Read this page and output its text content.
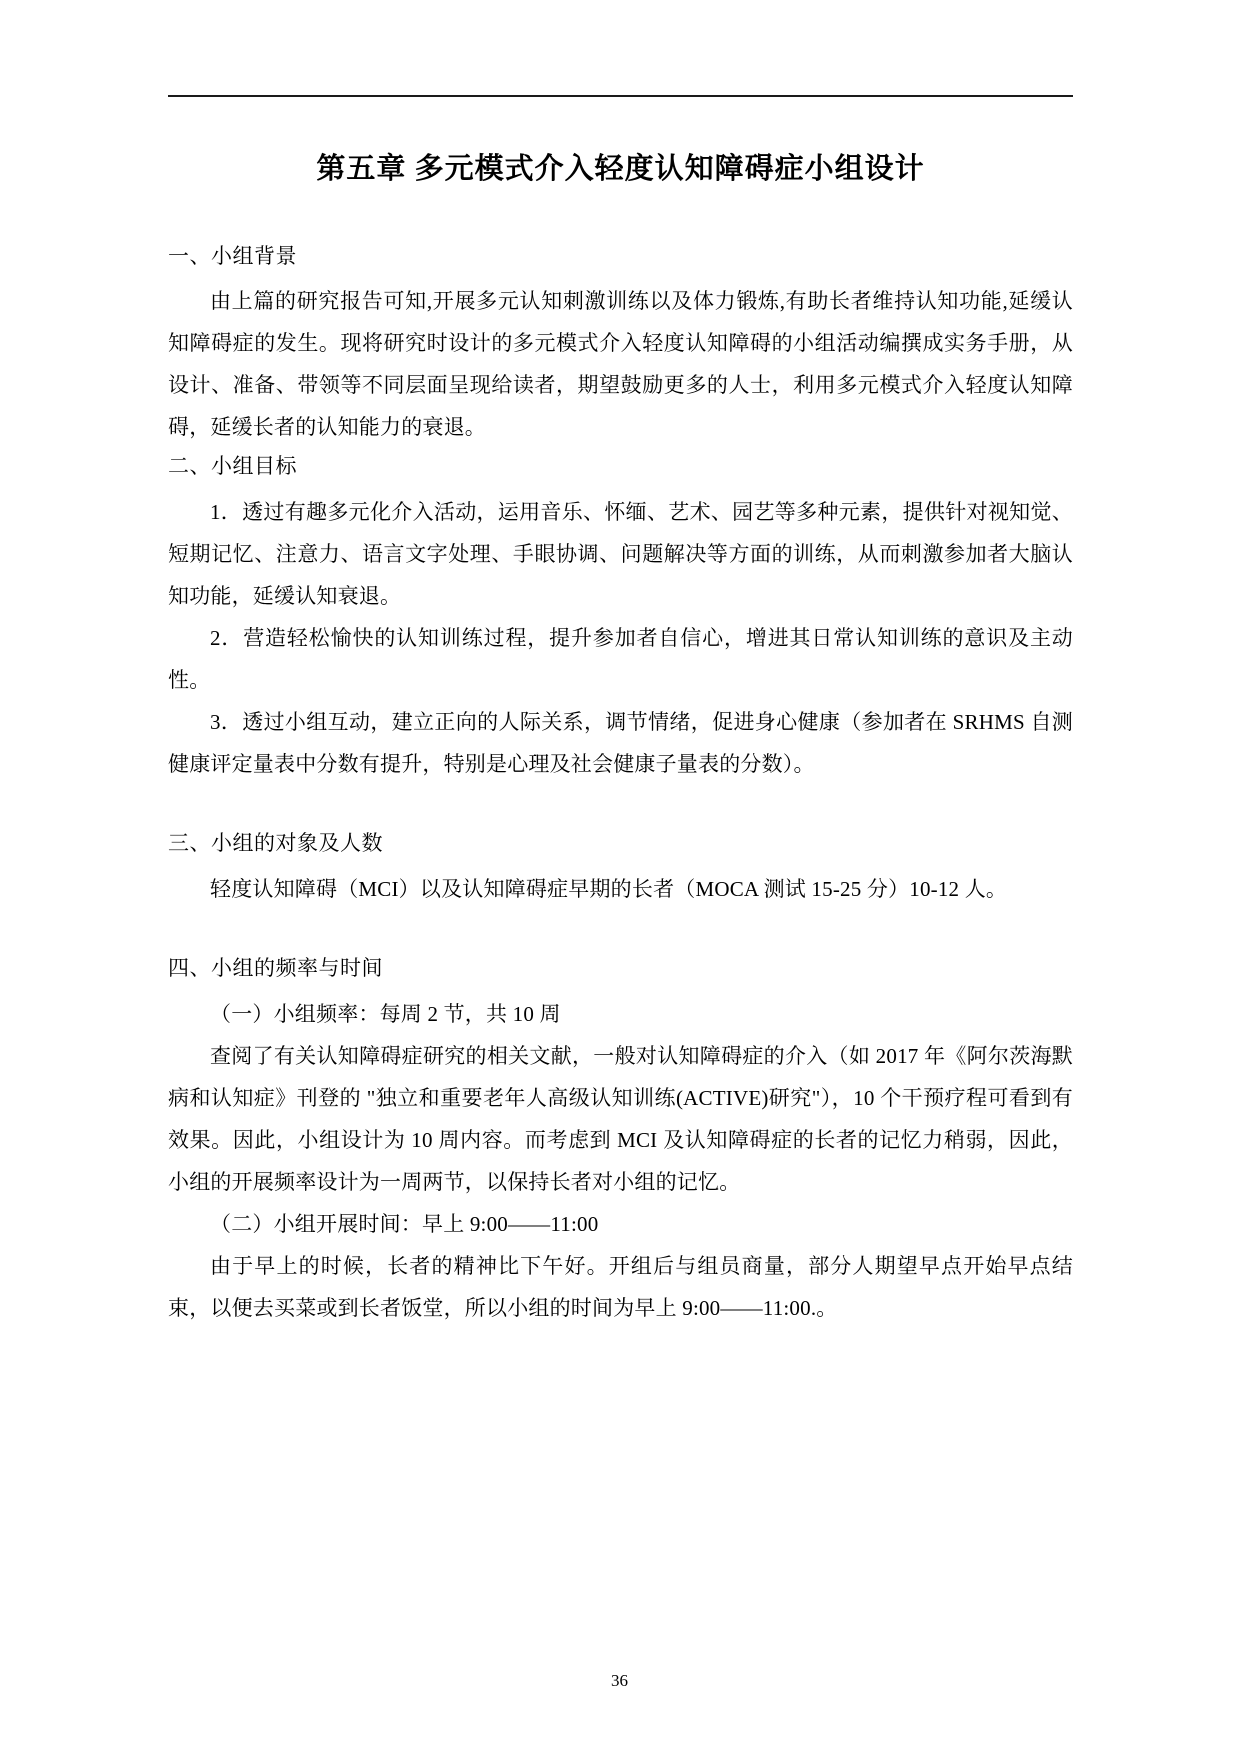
第五章 多元模式介入轻度认知障碍症小组设计
一、小组背景

由上篇的研究报告可知,开展多元认知刺激训练以及体力锻炼,有助长者维持认知功能,延缓认知障碍症的发生。现将研究时设计的多元模式介入轻度认知障碍的小组活动编撰成实务手册，从设计、准备、带领等不同层面呈现给读者，期望鼓励更多的人士，利用多元模式介入轻度认知障碍，延缓长者的认知能力的衰退。

二、小组目标

1．透过有趣多元化介入活动，运用音乐、怀缅、艺术、园艺等多种元素，提供针对视知觉、短期记忆、注意力、语言文字处理、手眼协调、问题解决等方面的训练，从而刺激参加者大脑认知功能，延缓认知衰退。

2．营造轻松愉快的认知训练过程，提升参加者自信心，增进其日常认知训练的意识及主动性。

3．透过小组互动，建立正向的人际关系，调节情绪，促进身心健康（参加者在 SRHMS 自测健康评定量表中分数有提升，特别是心理及社会健康子量表的分数）。

三、小组的对象及人数

轻度认知障碍（MCI）以及认知障碍症早期的长者（MOCA 测试 15-25 分）10-12 人。

四、小组的频率与时间

（一）小组频率：每周 2 节，共 10 周

查阅了有关认知障碍症研究的相关文献，一般对认知障碍症的介入（如 2017 年《阿尔茨海默病和认知症》刊登的 "独立和重要老年人高级认知训练(ACTIVE)研究"），10 个干预疗程可看到有效果。因此，小组设计为 10 周内容。而考虑到 MCI 及认知障碍症的长者的记忆力稍弱，因此，小组的开展频率设计为一周两节，以保持长者对小组的记忆。

（二）小组开展时间：早上 9:00——11:00

由于早上的时候，长者的精神比下午好。开组后与组员商量，部分人期望早点开始早点结束，以便去买菜或到长者饭堂，所以小组的时间为早上 9:00——11:00.。

36
